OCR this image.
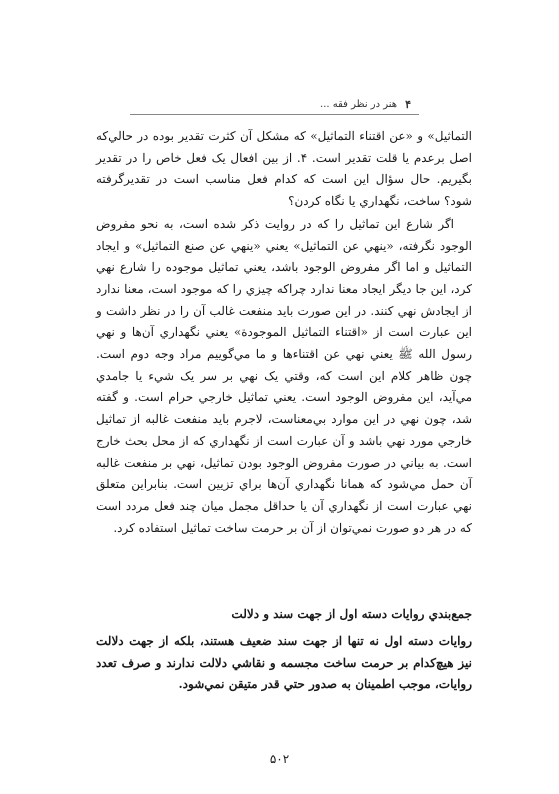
۴
هنر در نظر فقه ...

التماثيل» و «عن اقتناء التماثيل» كه مشكل آن كثرت تقدير بوده در حالي‌كه اصل برعدم يا قلت تقدير است. ۴. از بين افعال يک فعل خاص را در تقدير بگيريم. حال سؤال اين است كه كدام فعل مناسب است در تقديرگرفته شود؟ ساخت، نگهداري يا نگاه كردن؟

اگر شارع اين تماثيل را كه در روايت ذكر شده است، به نحو مفروض الوجود نگرفته، «ينهي عن التماثيل» يعني «ينهي عن صنع التماثيل» و ايجاد التماثيل و اما اگر مفروض الوجود باشد، يعني تماثيل موجوده را شارع نهي كرد، اين جا ديگر ايجاد معنا ندارد چراكه چيزي را كه موجود است، معنا ندارد از ايجادش نهي كنند. در اين صورت بايد منفعت غالب آن را در نظر داشت و اين عبارت است از «اقتناء التماثيل الموجودة» يعني نگهداري آن‌ها و نهي رسول الله ﷺ يعني نهي عن اقتناءها و ما مي‌گوييم مراد وجه دوم است. چون ظاهر كلام اين است كه، وقتي يک نهي بر سر يک شيء يا جامدي مي‌آيد، اين مفروض الوجود است. يعني تماثيل خارجي حرام است. و گفته شد، چون نهي در اين موارد بي‌معناست، لاجرم بايد منفعت غالبه از تماثيل خارجي مورد نهي باشد و آن عبارت است از نگهداري كه از محل بحث خارج است. به بياني در صورت مفروض الوجود بودن تماثيل، نهي بر منفعت غالبه آن حمل مي‌شود كه همانا نگهداري آن‌ها براي تزيين است. بنابراين متعلق نهي عبارت است از نگهداري آن يا حداقل مجمل ميان چند فعل مردد است كه در هر دو صورت نمي‌توان از آن بر حرمت ساخت تماثيل استفاده كرد.

جمع‌بندي روايات دسته اول از جهت سند و دلالت
روايات دسته اول نه تنها از جهت سند ضعيف هستند، بلكه از جهت دلالت نيز هيچ‌كدام بر حرمت ساخت مجسمه و نقاشي دلالت ندارند و صرف تعدد روايات، موجب اطمينان به صدور حتي قدر متيقن نمي‌شود.
۵۰۲
